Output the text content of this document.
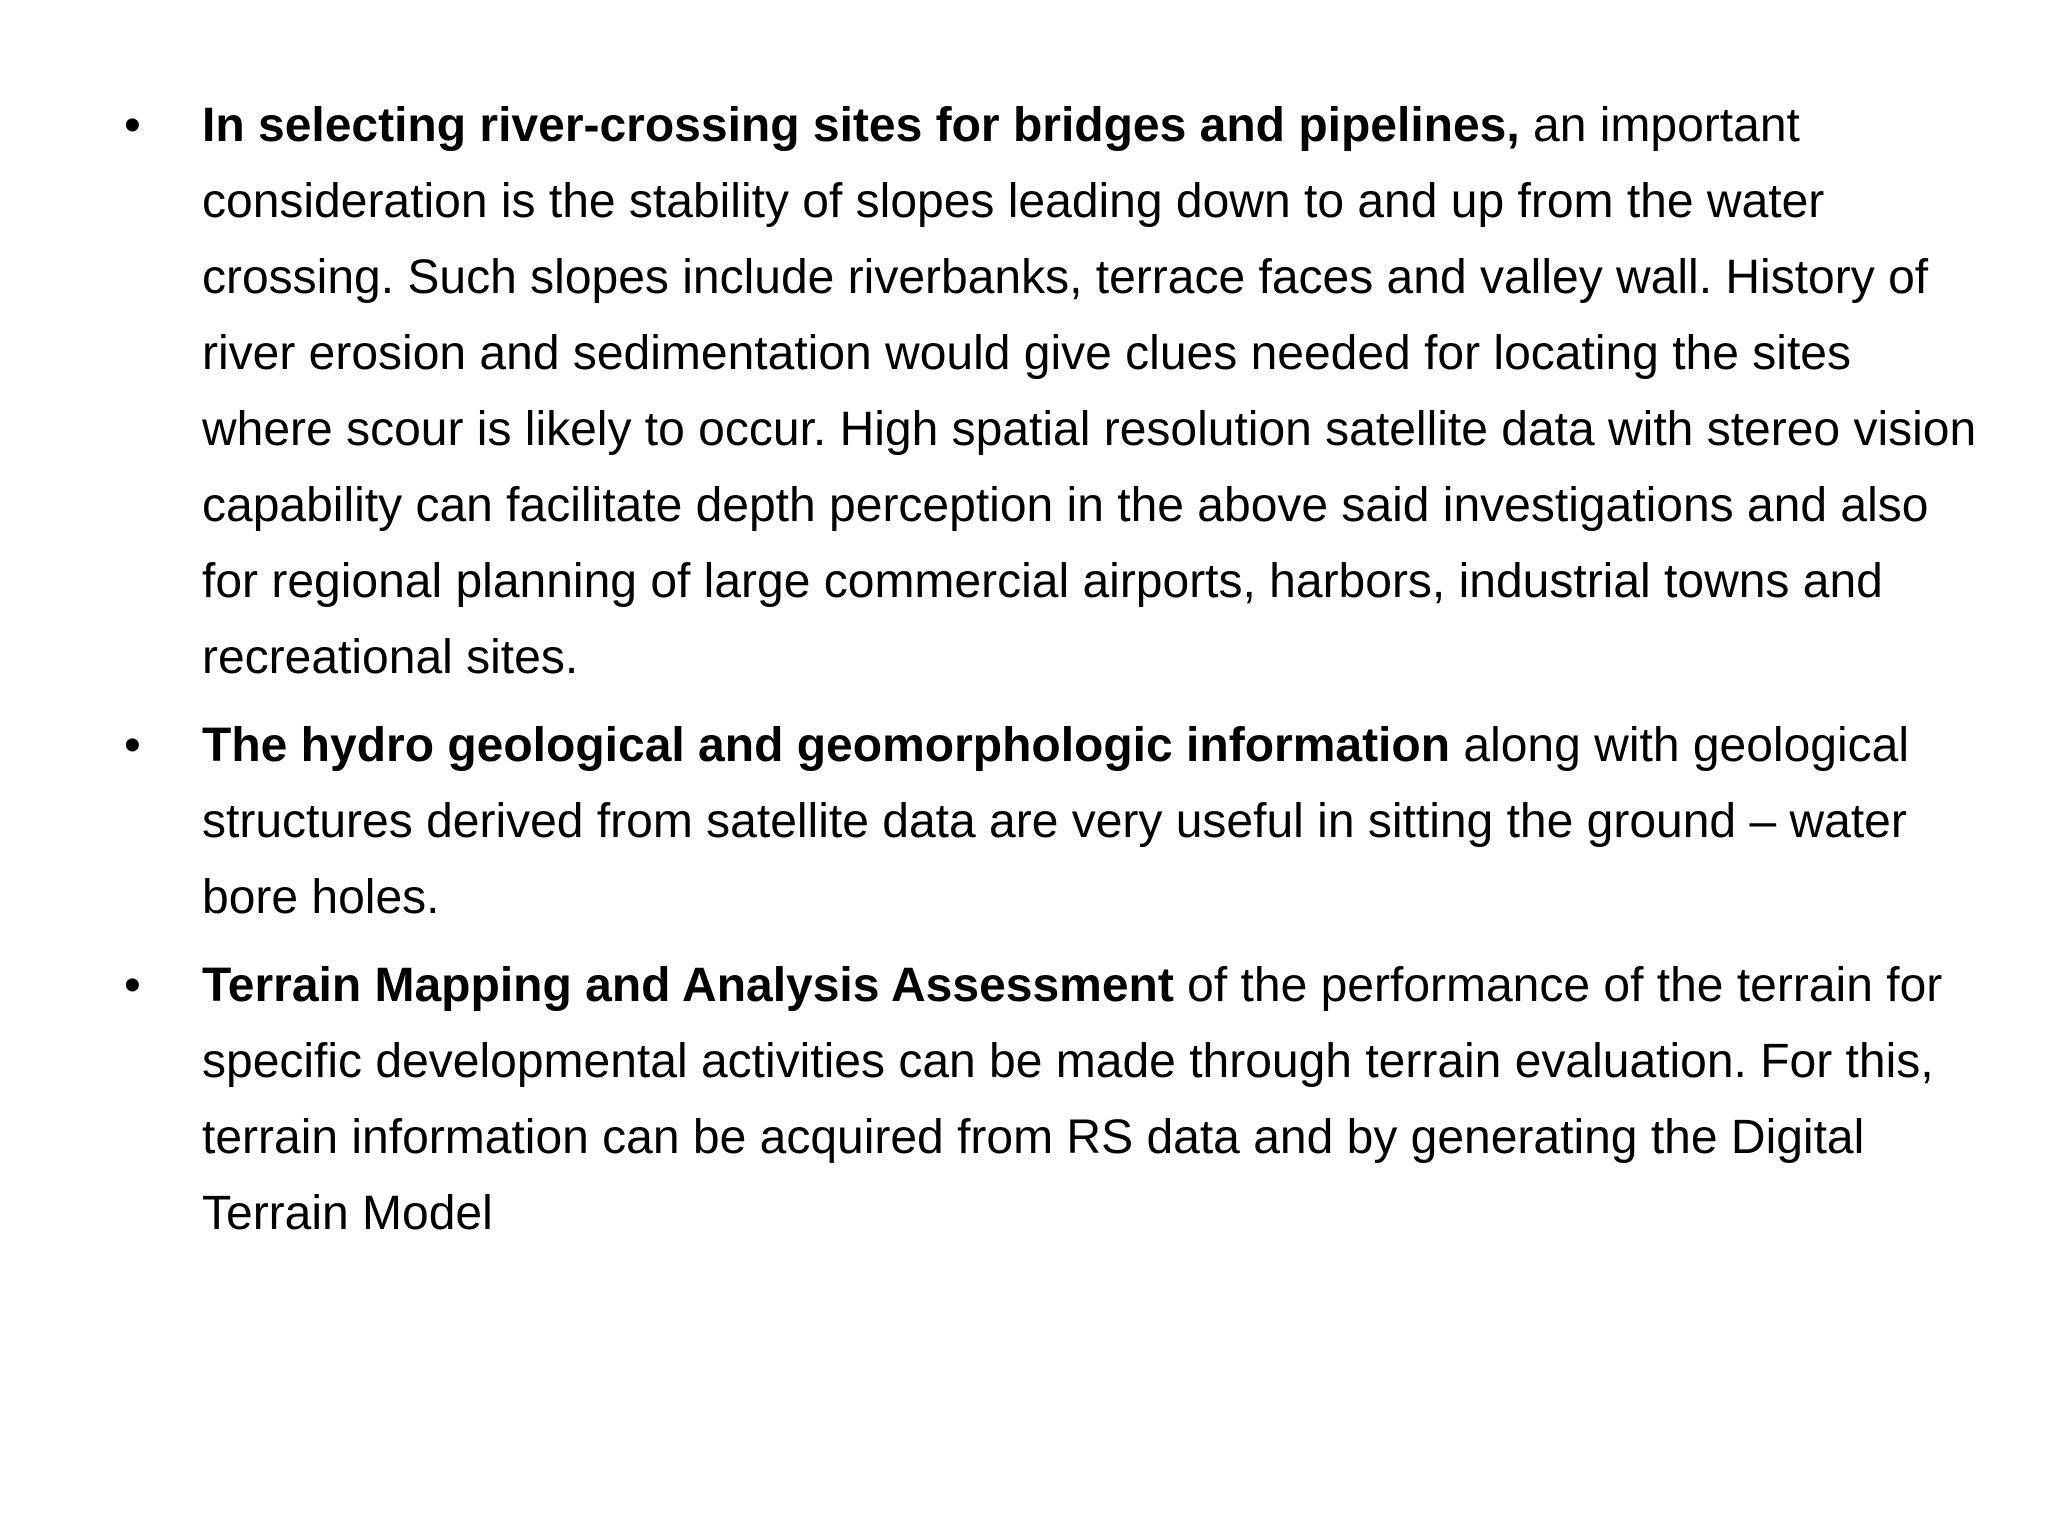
•	In selecting river-crossing sites for bridges and pipelines, an important consideration is the stability of slopes leading down to and up from the water crossing. Such slopes include riverbanks, terrace faces and valley wall. History of river erosion and sedimentation would give clues needed for locating the sites where scour is likely to occur. High spatial resolution satellite data with stereo vision capability can facilitate depth perception in the above said investigations and also for regional planning of large commercial airports, harbors, industrial towns and recreational sites.
•	The hydro geological and geomorphologic information along with geological structures derived from satellite data are very useful in sitting the ground – water bore holes.
•	Terrain Mapping and Analysis Assessment of the performance of the terrain for specific developmental activities can be made through terrain evaluation. For this, terrain information can be acquired from RS data and by generating the Digital Terrain Model
